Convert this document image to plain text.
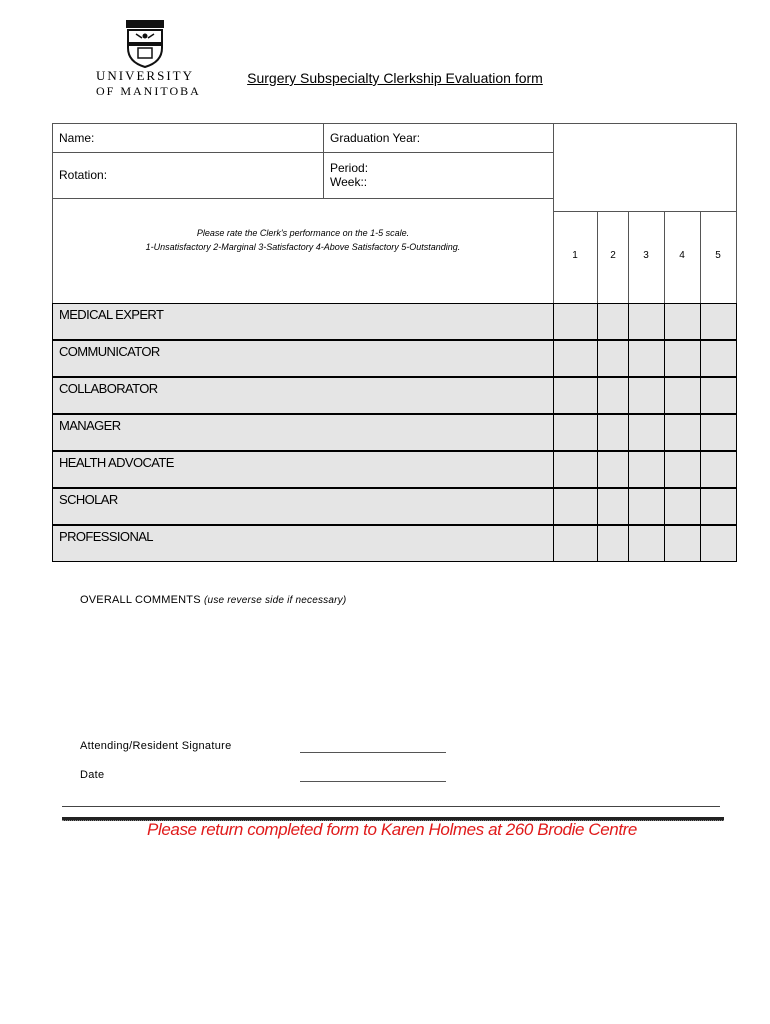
UNIVERSITY
OF MANITOBA
Surgery Subspecialty Clerkship Evaluation form
Name:	Graduation Year:
Rotation:	Period:
Week::
Please rate the Clerk's performance on the 1-5 scale.
1-Unsatisfactory 2-Marginal 3-Satisfactory 4-Above Satisfactory 5-Outstanding.
1	2	3	4	5
MEDICAL EXPERT
COMMUNICATOR
COLLABORATOR
MANAGER
HEALTH ADVOCATE
SCHOLAR
PROFESSIONAL
OVERALL COMMENTS (use reverse side if necessary)
Attending/Resident Signature
Date
Please return completed form to Karen Holmes at 260 Brodie Centre
